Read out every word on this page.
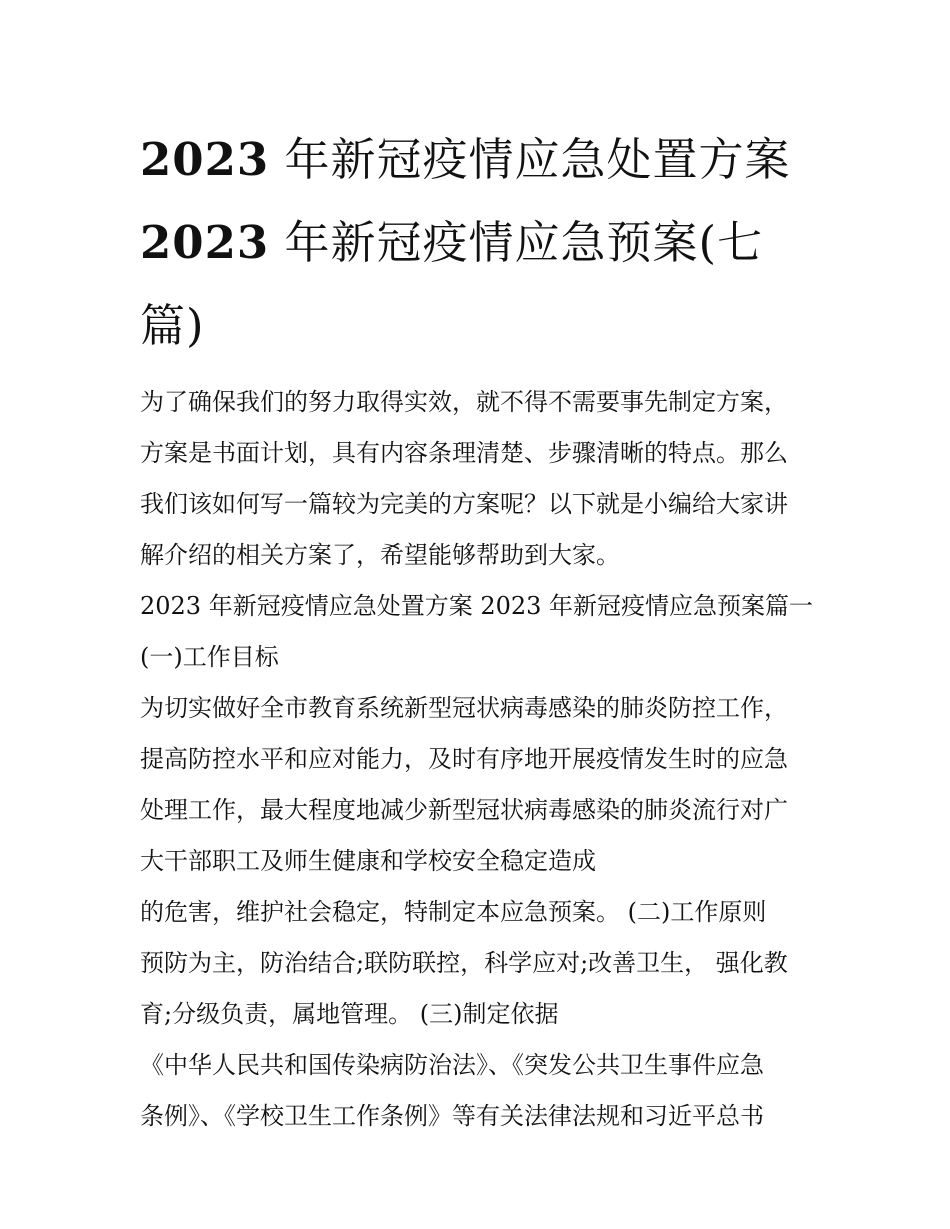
2023 年新冠疫情应急处置方案
2023 年新冠疫情应急预案(七
篇)
为了确保我们的努力取得实效，就不得不需要事先制定方案，
方案是书面计划，具有内容条理清楚、步骤清晰的特点。那么
我们该如何写一篇较为完美的方案呢？以下就是小编给大家讲
解介绍的相关方案了，希望能够帮助到大家。
2023 年新冠疫情应急处置方案 2023 年新冠疫情应急预案篇一
(一)工作目标
为切实做好全市教育系统新型冠状病毒感染的肺炎防控工作，
提高防控水平和应对能力，及时有序地开展疫情发生时的应急
处理工作，最大程度地减少新型冠状病毒感染的肺炎流行对广
大干部职工及师生健康和学校安全稳定造成
的危害，维护社会稳定，特制定本应急预案。 (二)工作原则
预防为主，防治结合;联防联控，科学应对;改善卫生， 强化教
育;分级负责，属地管理。 (三)制定依据
《中华人民共和国传染病防治法》、《突发公共卫生事件应急
条例》、《学校卫生工作条例》等有关法律法规和习近平总书
